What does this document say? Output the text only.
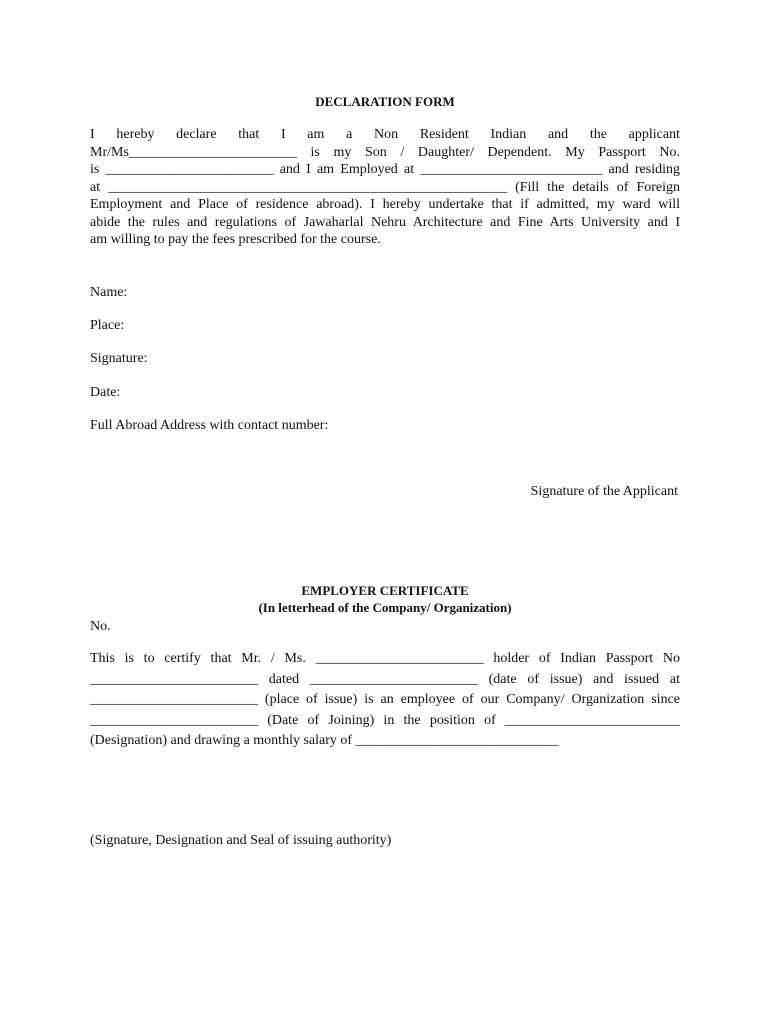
DECLARATION FORM
I hereby declare that I am a Non Resident Indian and the applicant
Mr/Ms________________________ is my Son / Daughter/ Dependent. My Passport No.
is ________________________ and I am Employed at __________________________ and residing
at _________________________________________________________ (Fill the details of Foreign
Employment and Place of residence abroad). I hereby undertake that if admitted, my ward will
abide the rules and regulations of Jawaharlal Nehru Architecture and Fine Arts University and I
am willing to pay the fees prescribed for the course.
Name:
Place:
Signature:
Date:
Full Abroad Address with contact number:
Signature of the Applicant
EMPLOYER CERTIFICATE
(In letterhead of the Company/ Organization)
No.
This is to certify that Mr. / Ms. ________________________ holder of Indian Passport No
________________________ dated ________________________ (date of issue) and issued at
________________________ (place of issue) is an employee of our Company/ Organization since
________________________ (Date of Joining) in the position of _________________________
(Designation) and drawing a monthly salary of _____________________________
(Signature, Designation and Seal of issuing authority)
